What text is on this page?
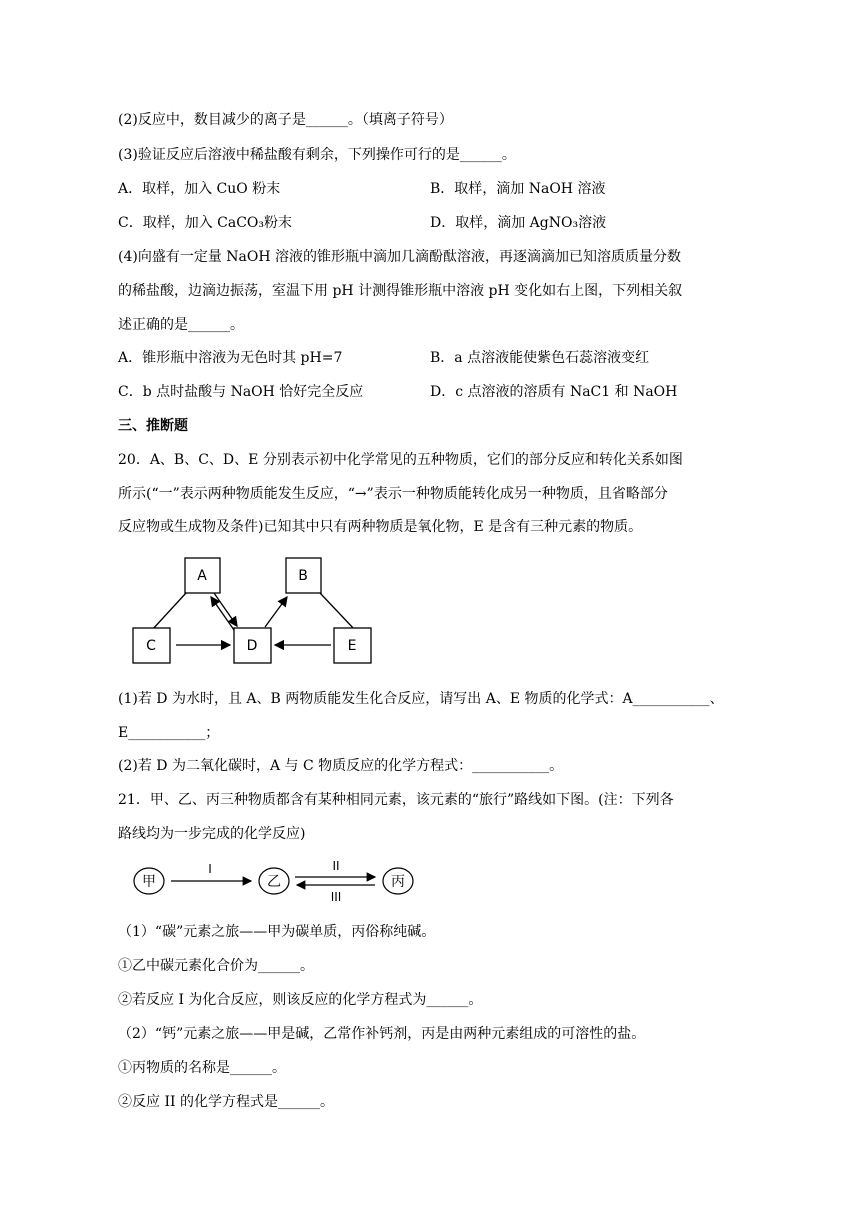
(2)反应中，数目减少的离子是______。（填离子符号）
(3)验证反应后溶液中稀盐酸有剩余，下列操作可行的是______。
A．取样，加入 CuO 粉末	B．取样，滴加 NaOH 溶液
C．取样，加入 CaCO₃粉末	D．取样，滴加 AgNO₃溶液
(4)向盛有一定量 NaOH 溶液的锥形瓶中滴加几滴酚酞溶液，再逐滴滴加已知溶质质量分数
的稀盐酸，边滴边振荡，室温下用 pH 计测得锥形瓶中溶液 pH 变化如右上图，下列相关叙
述正确的是______。
A．锥形瓶中溶液为无色时其 pH=7	B．a 点溶液能使紫色石蕊溶液变红
C．b 点时盐酸与 NaOH 恰好完全反应	D．c 点溶液的溶质有 NaC1 和 NaOH
三、推断题
20．A、B、C、D、E 分别表示初中化学常见的五种物质，它们的部分反应和转化关系如图
所示(“一”表示两种物质能发生反应，“→”表示一种物质能转化成另一种物质，且省略部分
反应物或生成物及条件)已知其中只有两种物质是氧化物，E 是含有三种元素的物质。
A	B
C	D	E
(1)若 D 为水时，且 A、B 两物质能发生化合反应，请写出 A、E 物质的化学式：A___________、
E___________；
(2)若 D 为二氧化碳时，A 与 C 物质反应的化学方程式：___________。
21．甲、乙、丙三种物质都含有某种相同元素，该元素的“旅行”路线如下图。(注：下列各
路线均为一步完成的化学反应)
甲	乙	丙
I	II
III
（1）“碳”元素之旅——甲为碳单质，丙俗称纯碱。
①乙中碳元素化合价为______。
②若反应 I 为化合反应，则该反应的化学方程式为______。
（2）“钙”元素之旅——甲是碱，乙常作补钙剂，丙是由两种元素组成的可溶性的盐。
①丙物质的名称是______。
②反应 II 的化学方程式是______。
